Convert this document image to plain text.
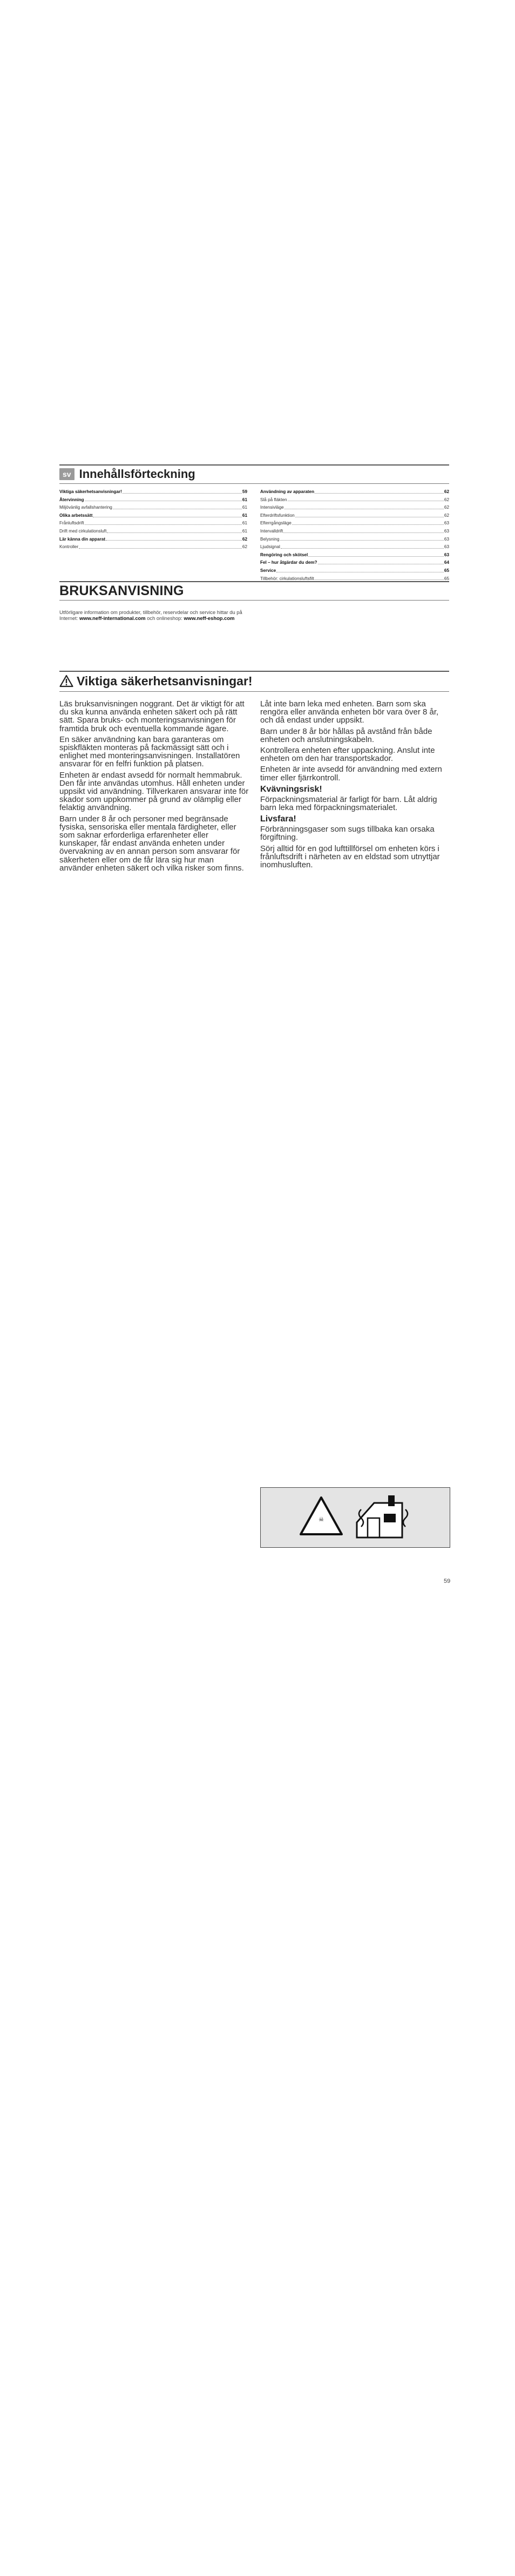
sv Innehållsförteckning
Viktiga säkerhetsanvisningar!	59
Återvinning	61
Miljövänlig avfallshantering	61
Olika arbetssätt	61
Frånluftsdrift	61
Drift med cirkulationsluft	61
Lär känna din apparat	62
Kontroller	62
Användning av apparaten	62
Slå på fläkten	62
Intensivläge	62
Efterdriftsfunktion	62
Efterrgångsläge	63
Intervalldrift	63
Belysning	63
Ljudsignal	63
Rengöring och skötsel	63
Fel – hur åtgärdar du dem?	64
Service	65
Tillbehör: cirkulationsluftsfilt	65
BRUKSANVISNING
Utförligare information om produkter, tillbehör, reservdelar och service hittar du på Internet: www.neff-international.com och onlineshop: www.neff-eshop.com
Viktiga säkerhetsanvisningar!

Läs bruksanvisningen noggrant. Det är viktigt för att du ska kunna använda enheten säkert och på rätt sätt. Spara bruks- och monteringsanvisningen för framtida bruk och eventuella kommande ägare.

En säker användning kan bara garanteras om spiskfläkten monteras på fackmässigt sätt och i enlighet med monteringsanvisningen. Installatören ansvarar för en felfri funktion på platsen.

Enheten är endast avsedd för normalt hemmabruk. Den får inte användas utomhus. Håll enheten under uppsikt vid användning. Tillverkaren ansvarar inte för skador som uppkommer på grund av olämplig eller felaktig användning.

Barn under 8 år och personer med begränsade fysiska, sensoriska eller mentala färdigheter, eller som saknar erforderliga erfarenheter eller kunskaper, får endast använda enheten under övervakning av en annan person som ansvarar för säkerheten eller om de får lära sig hur man använder enheten säkert och vilka risker som finns.

Låt inte barn leka med enheten. Barn som ska rengöra eller använda enheten bör vara över 8 år, och då endast under uppsikt.

Barn under 8 år bör hållas på avstånd från både enheten och anslutningskabeln.

Kontrollera enheten efter uppackning. Anslut inte enheten om den har transportskador.

Enheten är inte avsedd för användning med extern timer eller fjärrkontroll.

Kvävningsrisk!

Förpackningsmaterial är farligt för barn. Låt aldrig barn leka med förpackningsmaterialet.

Livsfara!

Förbränningsgaser som sugs tillbaka kan orsaka förgiftning.

Sörj alltid för en god lufttillförsel om enheten körs i frånluftsdrift i närheten av en eldstad som utnyttjar inomhusluften.

☠
59
